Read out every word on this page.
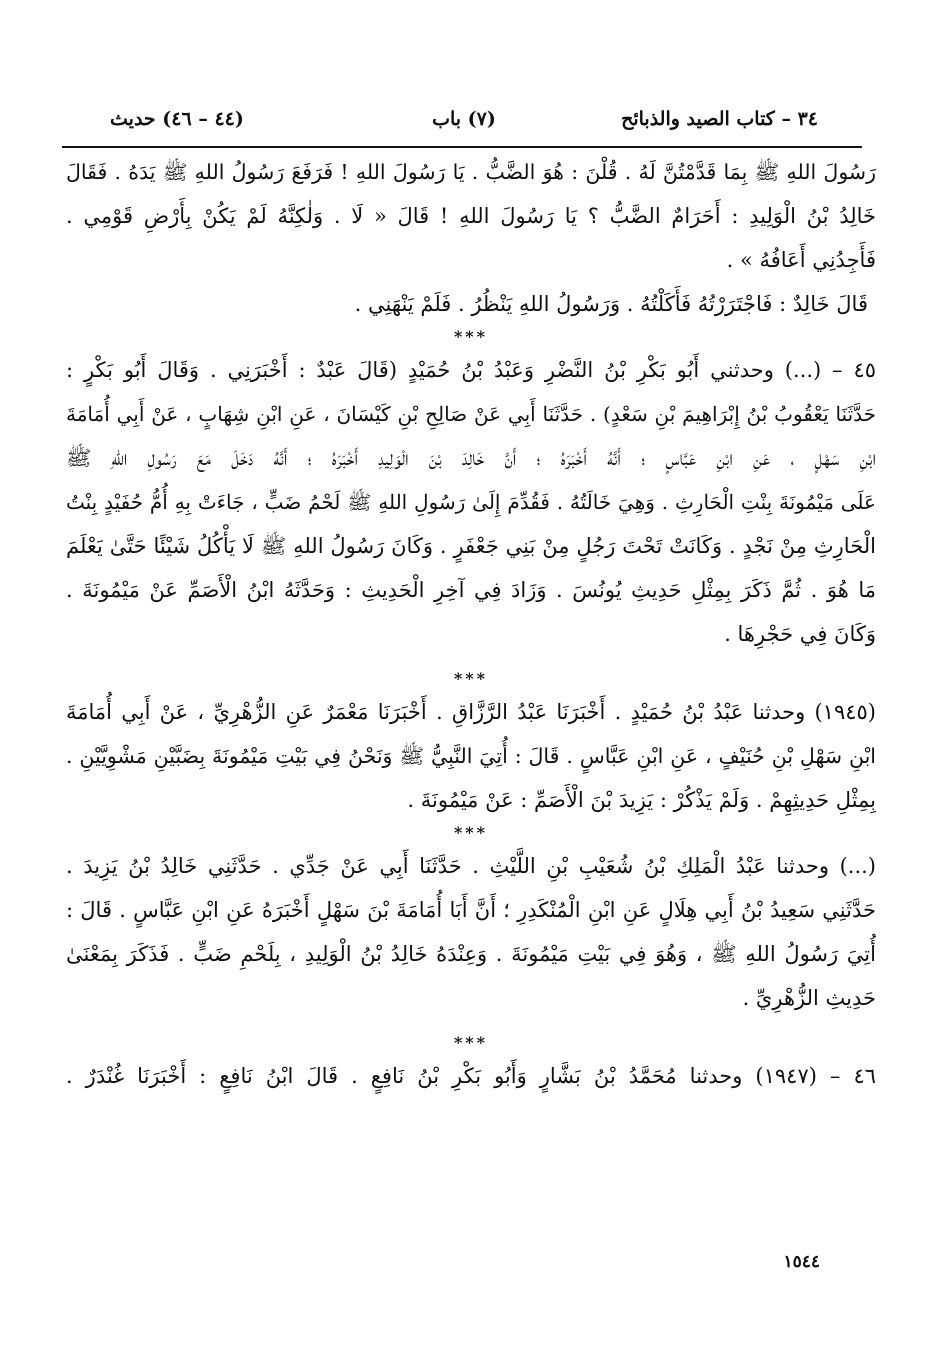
٣٤ – كتاب الصيد والذبائح
(٧) باب
(٤٤ – ٤٦) حديث
رَسُولَ اللهِ ﷺ بِمَا قَدَّمْتُنَّ لَهُ . قُلْنَ : هُوَ الضَّبُّ . يَا رَسُولَ اللهِ ! فَرَفَعَ رَسُولُ اللهِ ﷺ يَدَهُ . فَقَالَ
خَالِدُ بْنُ الْوَلِيدِ : أَحَرَامٌ الضَّبُّ ؟ يَا رَسُولَ اللهِ ! قَالَ « لَا . وَلٰكِنَّهُ لَمْ يَكُنْ بِأَرْضِ قَوْمِي .
فَأَجِدُنِي أَعَافُهُ » .
قَالَ خَالِدٌ : فَاجْتَرَرْتُهُ فَأَكَلْتُهُ . وَرَسُولُ اللهِ يَنْظُرُ . فَلَمْ يَنْهَنِي .
***
٤٥ – (...) وحدثني أَبُو بَكْرِ بْنُ النَّضْرِ وَعَبْدُ بْنُ حُمَيْدٍ (قَالَ عَبْدٌ : أَخْبَرَنِي . وَقَالَ أَبُو بَكْرٍ :
حَدَّثَنَا يَعْقُوبُ بْنُ إِبْرَاهِيمَ بْنِ سَعْدٍ) . حَدَّثَنَا أَبِي عَنْ صَالِحِ بْنِ كَيْسَانَ ، عَنِ ابْنِ شِهَابٍ ، عَنْ أَبِي أُمَامَةَ
ابْنِ سَهْلٍ ، عَنِ ابْنِ عَبَّاسٍ ؛ أَنَّهُ أَخْبَرَهُ ؛ أَنَّ خَالِدَ بْنَ الْوَلِيدِ أَخْبَرَهُ ؛ أَنَّهُ دَخَلَ مَعَ رَسُولِ اللهِ ﷺ
عَلَى مَيْمُونَةَ بِنْتِ الْحَارِثِ . وَهِيَ خَالَتُهُ . فَقُدِّمَ إِلَىٰ رَسُولِ اللهِ ﷺ لَحْمُ ضَبٍّ ، جَاءَتْ بِهِ أُمُّ حُفَيْدٍ بِنْتُ
الْحَارِثِ مِنْ نَجْدٍ . وَكَانَتْ تَحْتَ رَجُلٍ مِنْ بَنِي جَعْفَرٍ . وَكَانَ رَسُولُ اللهِ ﷺ لَا يَأْكُلُ شَيْئًا حَتَّىٰ يَعْلَمَ
مَا هُوَ . ثُمَّ ذَكَرَ بِمِثْلِ حَدِيثِ يُونُسَ . وَزَادَ فِي آخِرِ الْحَدِيثِ : وَحَدَّثَهُ ابْنُ الْأَصَمِّ عَنْ مَيْمُونَةَ .
وَكَانَ فِي حَجْرِهَا .
***
(١٩٤٥) وحدثنا عَبْدُ بْنُ حُمَيْدٍ . أَخْبَرَنَا عَبْدُ الرَّزَّاقِ . أَخْبَرَنَا مَعْمَرٌ عَنِ الزُّهْرِيِّ ، عَنْ أَبِي أُمَامَةَ
ابْنِ سَهْلِ بْنِ حُنَيْفٍ ، عَنِ ابْنِ عَبَّاسٍ . قَالَ : أُتِيَ النَّبِيُّ ﷺ وَنَحْنُ فِي بَيْتِ مَيْمُونَةَ بِضَبَّيْنِ مَشْوِيَّيْنِ .
بِمِثْلِ حَدِيثِهِمْ . وَلَمْ يَذْكُرْ : يَزِيدَ بْنَ الْأَصَمِّ : عَنْ مَيْمُونَةَ .
***
(...) وحدثنا عَبْدُ الْمَلِكِ بْنُ شُعَيْبِ بْنِ اللَّيْثِ . حَدَّثَنَا أَبِي عَنْ جَدِّي . حَدَّثَنِي خَالِدُ بْنُ يَزِيدَ .
حَدَّثَنِي سَعِيدُ بْنُ أَبِي هِلَالٍ عَنِ ابْنِ الْمُنْكَدِرِ ؛ أَنَّ أَبَا أُمَامَةَ بْنَ سَهْلٍ أَخْبَرَهُ عَنِ ابْنِ عَبَّاسٍ . قَالَ :
أُتِيَ رَسُولُ اللهِ ﷺ ، وَهُوَ فِي بَيْتِ مَيْمُونَةَ . وَعِنْدَهُ خَالِدُ بْنُ الْوَلِيدِ ، بِلَحْمِ ضَبٍّ . فَذَكَرَ بِمَعْنَىٰ
حَدِيثِ الزُّهْرِيِّ .
***
٤٦ – (١٩٤٧) وحدثنا مُحَمَّدُ بْنُ بَشَّارٍ وَأَبُو بَكْرِ بْنُ نَافِعٍ . قَالَ ابْنُ نَافِعٍ : أَخْبَرَنَا غُنْدَرٌ .
١٥٤٤
